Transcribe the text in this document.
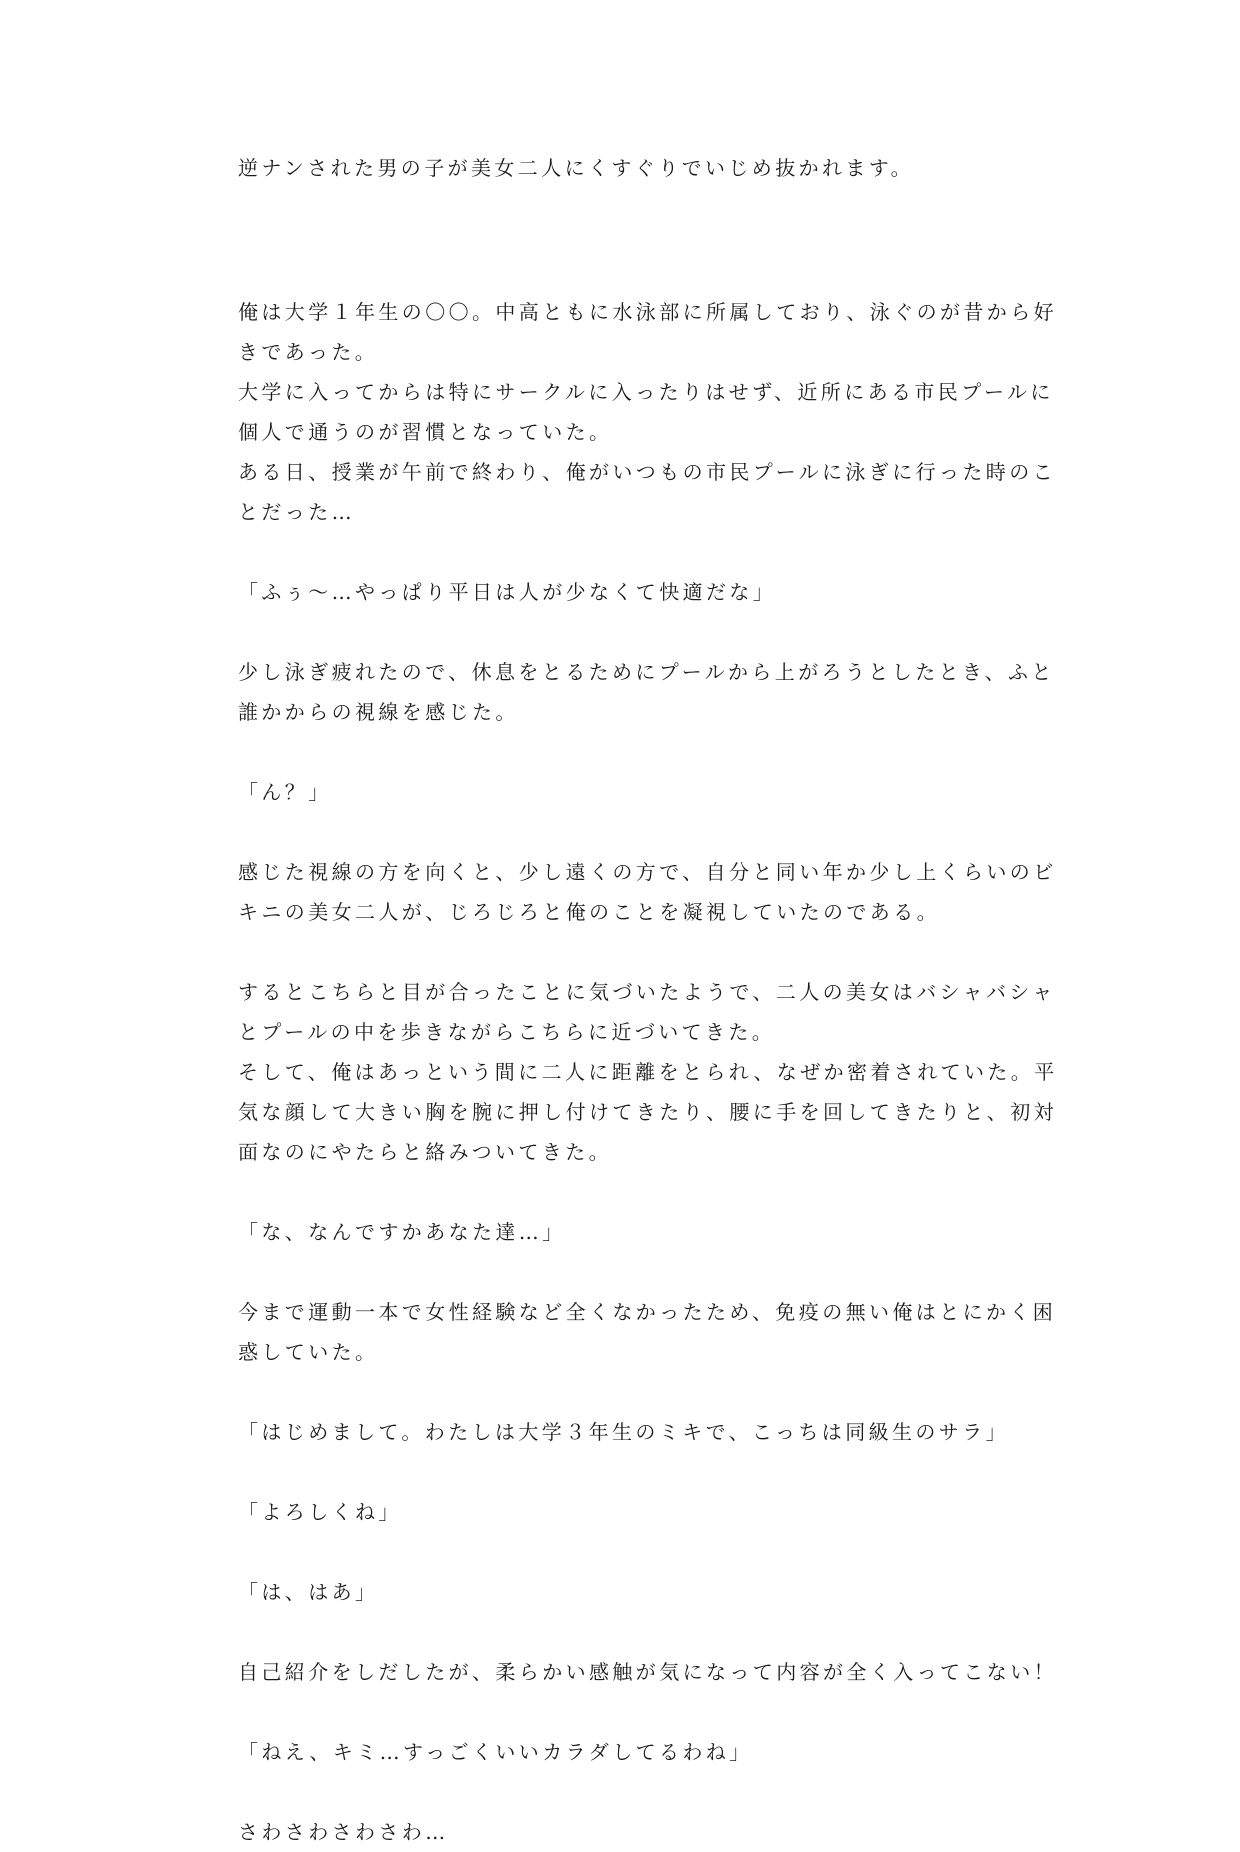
逆ナンされた男の子が美女二人にくすぐりでいじめ抜かれます。
俺は大学１年生の〇〇。中高ともに水泳部に所属しており、泳ぐのが昔から好
きであった。
大学に入ってからは特にサークルに入ったりはせず、近所にある市民プールに
個人で通うのが習慣となっていた。
ある日、授業が午前で終わり、俺がいつもの市民プールに泳ぎに行った時のこ
とだった…
「ふぅ〜…やっぱり平日は人が少なくて快適だな」
少し泳ぎ疲れたので、休息をとるためにプールから上がろうとしたとき、ふと
誰かからの視線を感じた。
「ん？」
感じた視線の方を向くと、少し遠くの方で、自分と同い年か少し上くらいのビ
キニの美女二人が、じろじろと俺のことを凝視していたのである。
するとこちらと目が合ったことに気づいたようで、二人の美女はバシャバシャ
とプールの中を歩きながらこちらに近づいてきた。
そして、俺はあっという間に二人に距離をとられ、なぜか密着されていた。平
気な顔して大きい胸を腕に押し付けてきたり、腰に手を回してきたりと、初対
面なのにやたらと絡みついてきた。
「な、なんですかあなた達…」
今まで運動一本で女性経験など全くなかったため、免疫の無い俺はとにかく困
惑していた。
「はじめまして。わたしは大学３年生のミキで、こっちは同級生のサラ」
「よろしくね」
「は、はあ」
自己紹介をしだしたが、柔らかい感触が気になって内容が全く入ってこない！
「ねえ、キミ…すっごくいいカラダしてるわね」
さわさわさわさわ…
